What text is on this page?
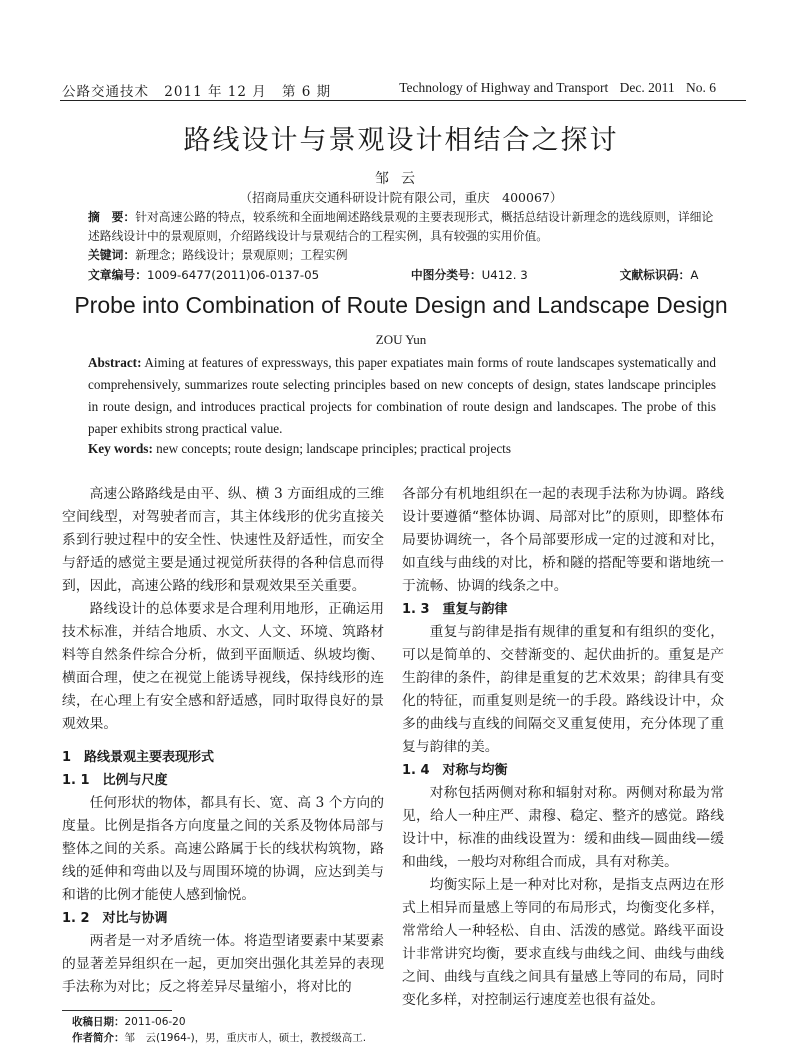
公路交通技术 2011 年 12 月 第 6 期	Technology of Highway and Transport Dec. 2011 No. 6
路线设计与景观设计相结合之探讨
邹云
（招商局重庆交通科研设计院有限公司，重庆　400067）
摘　要：针对高速公路的特点，较系统和全面地阐述路线景观的主要表现形式，概括总结设计新理念的选线原则，详细论述路线设计中的景观原则，介绍路线设计与景观结合的工程实例，具有较强的实用价值。
关键词：新理念；路线设计；景观原则；工程实例
文章编号：1009-6477(2011)06-0137-05	中图分类号：U412. 3	文献标识码：A
Probe into Combination of Route Design and Landscape Design
ZOU Yun
Abstract: Aiming at features of expressways, this paper expatiates main forms of route landscapes systematically and comprehensively, summarizes route selecting principles based on new concepts of design, states landscape principles in route design, and introduces practical projects for combination of route design and landscapes. The probe of this paper exhibits strong practical value.
Key words: new concepts; route design; landscape principles; practical projects

高速公路路线是由平、纵、横 3 方面组成的三维空间线型，对驾驶者而言，其主体线形的优劣直接关系到行驶过程中的安全性、快速性及舒适性，而安全与舒适的感觉主要是通过视觉所获得的各种信息而得到，因此，高速公路的线形和景观效果至关重要。

路线设计的总体要求是合理利用地形，正确运用技术标准，并结合地质、水文、人文、环境、筑路材料等自然条件综合分析，做到平面顺适、纵坡均衡、横面合理，使之在视觉上能诱导视线，保持线形的连续，在心理上有安全感和舒适感，同时取得良好的景观效果。

1　路线景观主要表现形式

1. 1　比例与尺度

任何形状的物体，都具有长、宽、高 3 个方向的度量。比例是指各方向度量之间的关系及物体局部与整体之间的关系。高速公路属于长的线状构筑物，路线的延伸和弯曲以及与周围环境的协调，应达到美与和谐的比例才能使人感到愉悦。

1. 2　对比与协调

两者是一对矛盾统一体。将造型诸要素中某要素的显著差异组织在一起，更加突出强化其差异的表现手法称为对比；反之将差异尽量缩小，将对比的

各部分有机地组织在一起的表现手法称为协调。路线设计要遵循“整体协调、局部对比”的原则，即整体布局要协调统一，各个局部要形成一定的过渡和对比，如直线与曲线的对比，桥和隧的搭配等要和谐地统一于流畅、协调的线条之中。

1. 3　重复与韵律

重复与韵律是指有规律的重复和有组织的变化，可以是简单的、交替渐变的、起伏曲折的。重复是产生韵律的条件，韵律是重复的艺术效果；韵律具有变化的特征，而重复则是统一的手段。路线设计中，众多的曲线与直线的间隔交叉重复使用，充分体现了重复与韵律的美。

1. 4　对称与均衡

对称包括两侧对称和辐射对称。两侧对称最为常见，给人一种庄严、肃穆、稳定、整齐的感觉。路线设计中，标准的曲线设置为：缓和曲线—圆曲线—缓和曲线，一般均对称组合而成，具有对称美。

均衡实际上是一种对比对称，是指支点两边在形式上相异而量感上等同的布局形式，均衡变化多样，常常给人一种轻松、自由、活泼的感觉。路线平面设计非常讲究均衡，要求直线与曲线之间、曲线与曲线之间、曲线与直线之间具有量感上等同的布局，同时变化多样，对控制运行速度差也很有益处。

收稿日期：2011-06-20
作者简介：邹　云(1964-)，男，重庆市人，硕士，教授级高工.
